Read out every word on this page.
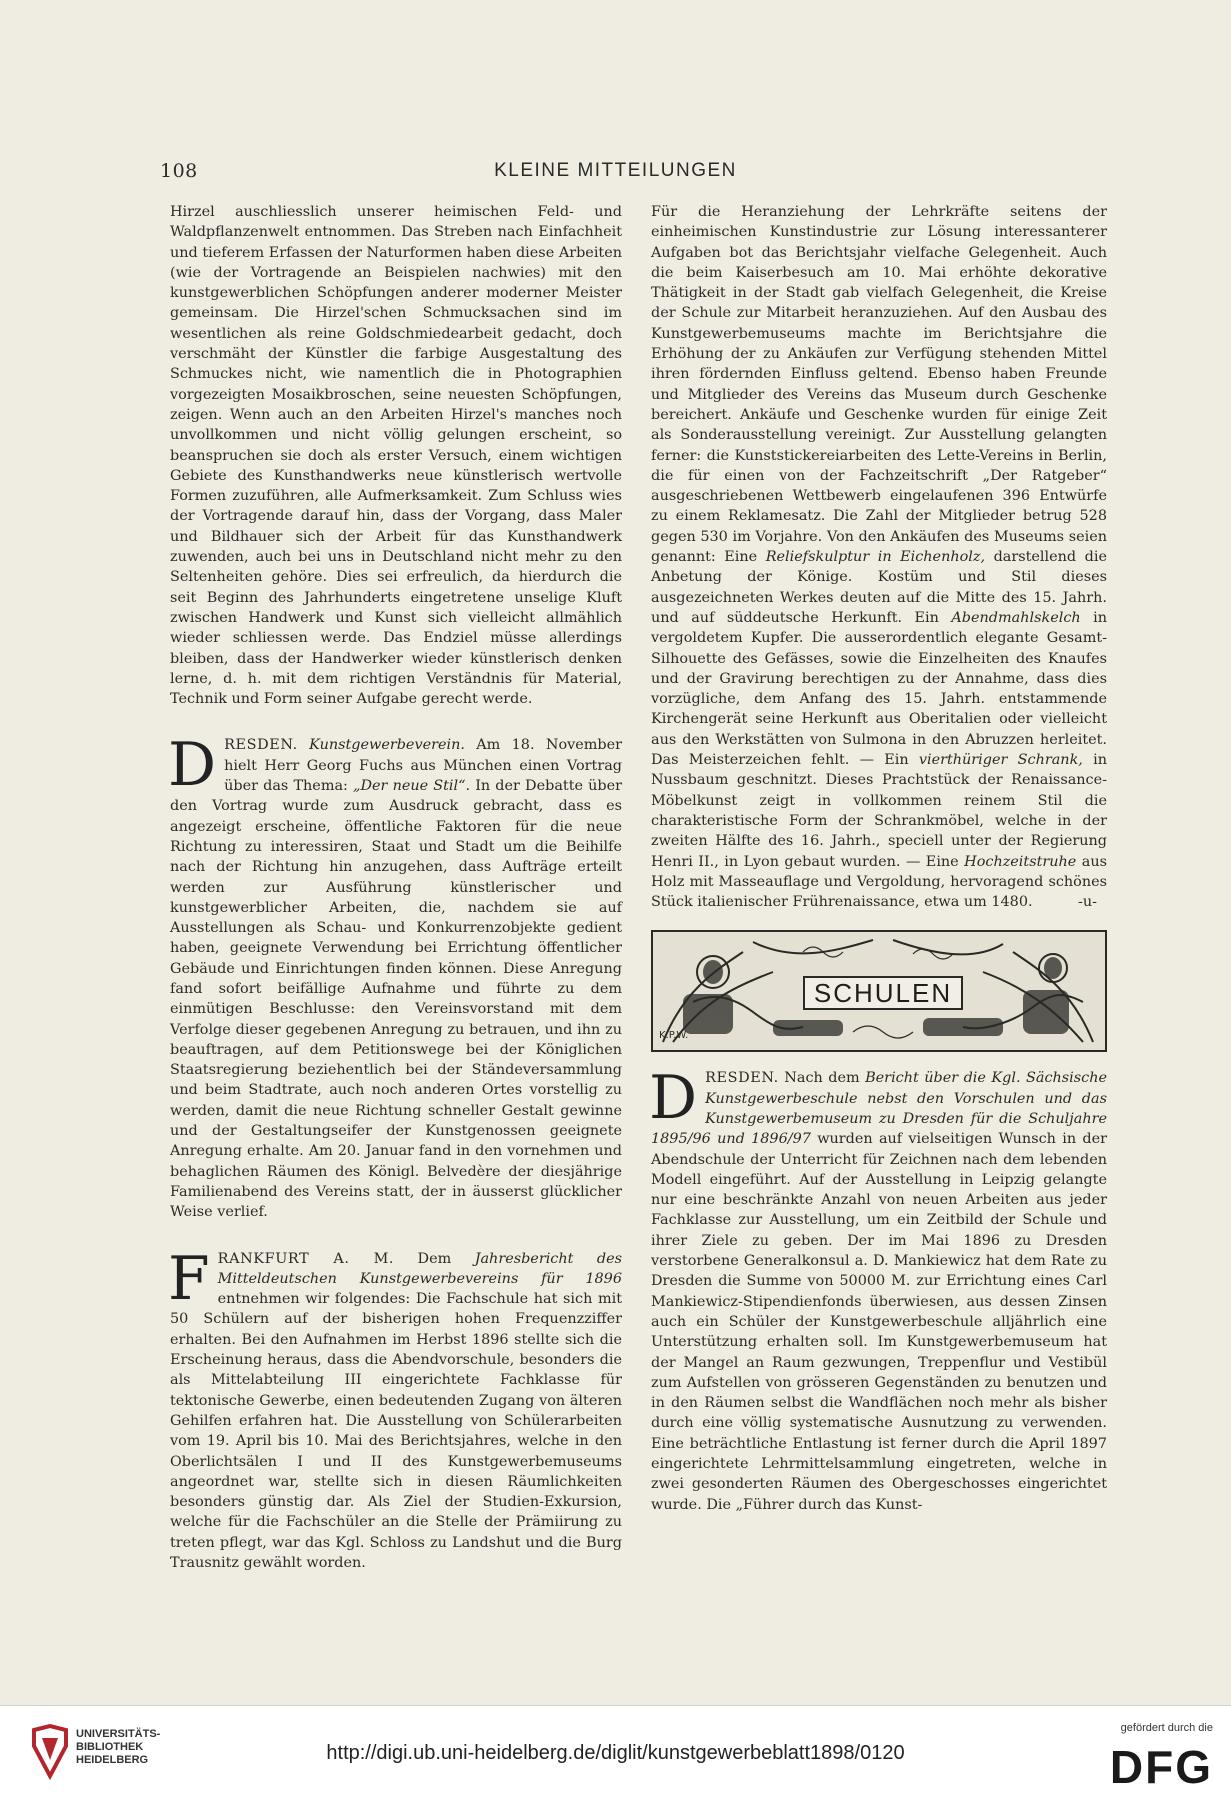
108	KLEINE MITTEILUNGEN

Hirzel auschliesslich unserer heimischen Feld- und Waldpflanzenwelt entnommen. Das Streben nach Einfachheit und tieferem Erfassen der Naturformen haben diese Arbeiten (wie der Vortragende an Beispielen nachwies) mit den kunstgewerblichen Schöpfungen anderer moderner Meister gemeinsam. Die Hirzel'schen Schmucksachen sind im wesentlichen als reine Goldschmiedearbeit gedacht, doch verschmäht der Künstler die farbige Ausgestaltung des Schmuckes nicht, wie namentlich die in Photographien vorgezeigten Mosaikbroschen, seine neuesten Schöpfungen, zeigen. Wenn auch an den Arbeiten Hirzel's manches noch unvollkommen und nicht völlig gelungen erscheint, so beanspruchen sie doch als erster Versuch, einem wichtigen Gebiete des Kunsthandwerks neue künstlerisch wertvolle Formen zuzuführen, alle Aufmerksamkeit. Zum Schluss wies der Vortragende darauf hin, dass der Vorgang, dass Maler und Bildhauer sich der Arbeit für das Kunsthandwerk zuwenden, auch bei uns in Deutschland nicht mehr zu den Seltenheiten gehöre. Dies sei erfreulich, da hierdurch die seit Beginn des Jahrhunderts eingetretene unselige Kluft zwischen Handwerk und Kunst sich vielleicht allmählich wieder schliessen werde. Das Endziel müsse allerdings bleiben, dass der Handwerker wieder künstlerisch denken lerne, d. h. mit dem richtigen Verständnis für Material, Technik und Form seiner Aufgabe gerecht werde.

D RESDEN. Kunstgewerbeverein. Am 18. November hielt Herr Georg Fuchs aus München einen Vortrag über das Thema: „Der neue Stil“. In der Debatte über den Vortrag wurde zum Ausdruck gebracht, dass es angezeigt erscheine, öffentliche Faktoren für die neue Richtung zu interessiren, Staat und Stadt um die Beihilfe nach der Richtung hin anzugehen, dass Aufträge erteilt werden zur Ausführung künstlerischer und kunstgewerblicher Arbeiten, die, nachdem sie auf Ausstellungen als Schau- und Konkurrenzobjekte gedient haben, geeignete Verwendung bei Errichtung öffentlicher Gebäude und Einrichtungen finden können. Diese Anregung fand sofort beifällige Aufnahme und führte zu dem einmütigen Beschlusse: den Vereinsvorstand mit dem Verfolge dieser gegebenen Anregung zu betrauen, und ihn zu beauftragen, auf dem Petitionswege bei der Königlichen Staatsregierung beziehentlich bei der Ständeversammlung und beim Stadtrate, auch noch anderen Ortes vorstellig zu werden, damit die neue Richtung schneller Gestalt gewinne und der Gestaltungseifer der Kunstgenossen geeignete Anregung erhalte. Am 20. Januar fand in den vornehmen und behaglichen Räumen des Königl. Belvedère der diesjährige Familienabend des Vereins statt, der in äusserst glücklicher Weise verlief.
F RANKFURT A. M. Dem Jahresbericht des Mitteldeutschen Kunstgewerbevereins für 1896 entnehmen wir folgendes: Die Fachschule hat sich mit 50 Schülern auf der bisherigen hohen Frequenzziffer erhalten. Bei den Aufnahmen im Herbst 1896 stellte sich die Erscheinung heraus, dass die Abendvorschule, besonders die als Mittelabteilung III eingerichtete Fachklasse für tektonische Gewerbe, einen bedeutenden Zugang von älteren Gehilfen erfahren hat. Die Ausstellung von Schülerarbeiten vom 19. April bis 10. Mai des Berichtsjahres, welche in den Oberlichtsälen I und II des Kunstgewerbemuseums angeordnet war, stellte sich in diesen Räumlichkeiten besonders günstig dar. Als Ziel der Studien-Exkursion, welche für die Fachschüler an die Stelle der Prämiirung zu treten pflegt, war das Kgl. Schloss zu Landshut und die Burg Trausnitz gewählt worden.

Für die Heranziehung der Lehrkräfte seitens der einheimischen Kunstindustrie zur Lösung interessanterer Aufgaben bot das Berichtsjahr vielfache Gelegenheit. Auch die beim Kaiserbesuch am 10. Mai erhöhte dekorative Thätigkeit in der Stadt gab vielfach Gelegenheit, die Kreise der Schule zur Mitarbeit heranzuziehen. Auf den Ausbau des Kunstgewerbemuseums machte im Berichtsjahre die Erhöhung der zu Ankäufen zur Verfügung stehenden Mittel ihren fördernden Einfluss geltend. Ebenso haben Freunde und Mitglieder des Vereins das Museum durch Geschenke bereichert. Ankäufe und Geschenke wurden für einige Zeit als Sonderausstellung vereinigt. Zur Ausstellung gelangten ferner: die Kunststickereiarbeiten des Lette-Vereins in Berlin, die für einen von der Fachzeitschrift „Der Ratgeber“ ausgeschriebenen Wettbewerb eingelaufenen 396 Entwürfe zu einem Reklamesatz. Die Zahl der Mitglieder betrug 528 gegen 530 im Vorjahre. Von den Ankäufen des Museums seien genannt: Eine Reliefskulptur in Eichenholz, darstellend die Anbetung der Könige. Kostüm und Stil dieses ausgezeichneten Werkes deuten auf die Mitte des 15. Jahrh. und auf süddeutsche Herkunft. Ein Abendmahlskelch in vergoldetem Kupfer. Die ausserordentlich elegante Gesamt-Silhouette des Gefässes, sowie die Einzelheiten des Knaufes und der Gravirung berechtigen zu der Annahme, dass dies vorzügliche, dem Anfang des 15. Jahrh. entstammende Kirchengerät seine Herkunft aus Oberitalien oder vielleicht aus den Werkstätten von Sulmona in den Abruzzen herleitet. Das Meisterzeichen fehlt. — Ein vierthüriger Schrank, in Nussbaum geschnitzt. Dieses Prachtstück der Renaissance-Möbelkunst zeigt in vollkommen reinem Stil die charakteristische Form der Schrankmöbel, welche in der zweiten Hälfte des 16. Jahrh., speciell unter der Regierung Henri II., in Lyon gebaut wurden. — Eine Hochzeitstruhe aus Holz mit Masseauflage und Vergoldung, hervoragend schönes Stück italienischer Frührenaissance, etwa um 1480.	-u-

SCHULEN
K.P.W.
D RESDEN. Nach dem Bericht über die Kgl. Sächsische Kunstgewerbeschule nebst den Vorschulen und das Kunstgewerbemuseum zu Dresden für die Schuljahre 1895/96 und 1896/97 wurden auf vielseitigen Wunsch in der Abendschule der Unterricht für Zeichnen nach dem lebenden Modell eingeführt. Auf der Ausstellung in Leipzig gelangte nur eine beschränkte Anzahl von neuen Arbeiten aus jeder Fachklasse zur Ausstellung, um ein Zeitbild der Schule und ihrer Ziele zu geben. Der im Mai 1896 zu Dresden verstorbene Generalkonsul a. D. Mankiewicz hat dem Rate zu Dresden die Summe von 50000 M. zur Errichtung eines Carl Mankiewicz-Stipendienfonds überwiesen, aus dessen Zinsen auch ein Schüler der Kunstgewerbeschule alljährlich eine Unterstützung erhalten soll. Im Kunstgewerbemuseum hat der Mangel an Raum gezwungen, Treppenflur und Vestibül zum Aufstellen von grösseren Gegenständen zu benutzen und in den Räumen selbst die Wandflächen noch mehr als bisher durch eine völlig systematische Ausnutzung zu verwenden. Eine beträchtliche Entlastung ist ferner durch die April 1897 eingerichtete Lehrmittelsammlung eingetreten, welche in zwei gesonderten Räumen des Obergeschosses eingerichtet wurde. Die „Führer durch das Kunst-
UNIVERSITÄTS-
BIBLIOTHEK
HEIDELBERG	http://digi.ub.uni-heidelberg.de/diglit/kunstgewerbeblatt1898/0120
gefördert durch die
DFG
